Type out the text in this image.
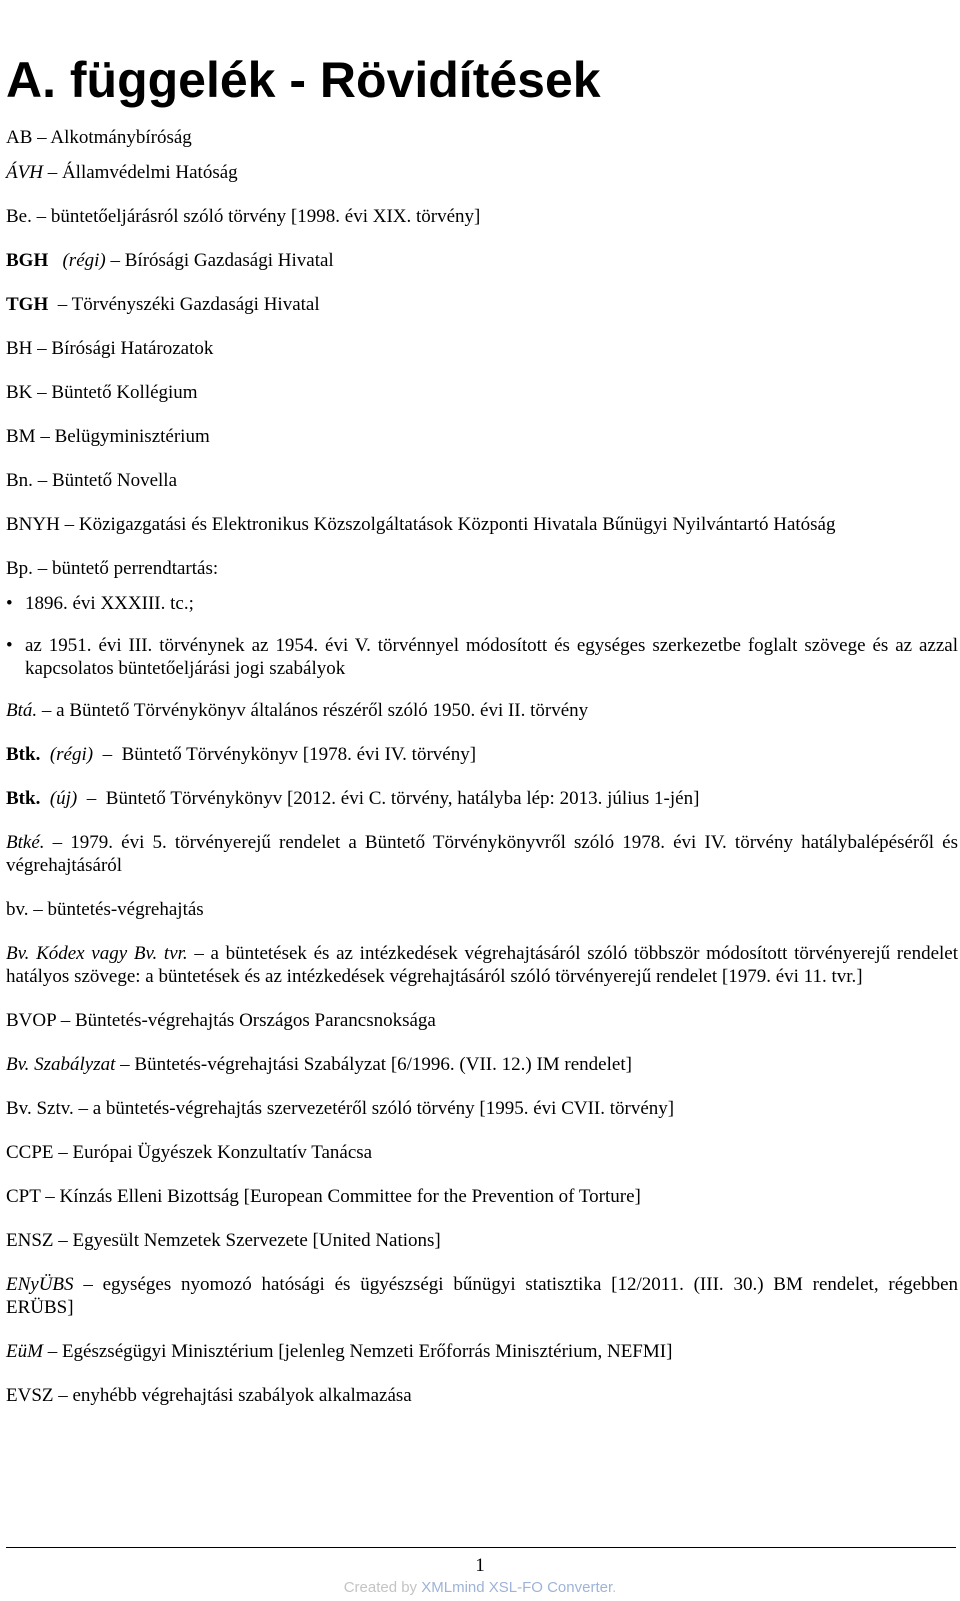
A. függelék - Rövidítések

AB – Alkotmánybíróság

ÁVH – Államvédelmi Hatóság

Be. – büntetőeljárásról szóló törvény [1998. évi XIX. törvény]

BGH (régi) – Bírósági Gazdasági Hivatal

TGH  – Törvényszéki Gazdasági Hivatal

BH – Bírósági Határozatok

BK – Büntető Kollégium

BM – Belügyminisztérium

Bn. – Büntető Novella

BNYH – Közigazgatási és Elektronikus Közszolgáltatások Központi Hivatala Bűnügyi Nyilvántartó Hatóság

Bp. – büntető perrendtartás:

• 1896. évi XXXIII. tc.;
• az 1951. évi III. törvénynek az 1954. évi V. törvénnyel módosított és egységes szerkezetbe foglalt szövege és az azzal kapcsolatos büntetőeljárási jogi szabályok

Btá. – a Büntető Törvénykönyv általános részéről szóló 1950. évi II. törvény

Btk. (régi)  –  Büntető Törvénykönyv [1978. évi IV. törvény]

Btk. (új)  –  Büntető Törvénykönyv [2012. évi C. törvény, hatályba lép: 2013. július 1-jén]

Btké. – 1979. évi 5. törvényerejű rendelet a Büntető Törvénykönyvről szóló 1978. évi IV. törvény hatálybalépéséről és végrehajtásáról

bv. – büntetés-végrehajtás

Bv. Kódex vagy Bv. tvr. – a büntetések és az intézkedések végrehajtásáról szóló többször módosított törvényerejű rendelet hatályos szövege: a büntetések és az intézkedések végrehajtásáról szóló törvényerejű rendelet [1979. évi 11. tvr.]

BVOP – Büntetés-végrehajtás Országos Parancsnoksága

Bv. Szabályzat – Büntetés-végrehajtási Szabályzat [6/1996. (VII. 12.) IM rendelet]

Bv. Sztv. – a büntetés-végrehajtás szervezetéről szóló törvény [1995. évi CVII. törvény]

CCPE – Európai Ügyészek Konzultatív Tanácsa

CPT – Kínzás Elleni Bizottság [European Committee for the Prevention of Torture]

ENSZ – Egyesült Nemzetek Szervezete [United Nations]

ENyÜBS – egységes nyomozó hatósági és ügyészségi bűnügyi statisztika [12/2011. (III. 30.) BM rendelet, régebben ERÜBS]

EüM – Egészségügyi Minisztérium [jelenleg Nemzeti Erőforrás Minisztérium, NEFMI]

EVSZ – enyhébb végrehajtási szabályok alkalmazása

1
Created by XMLmind XSL-FO Converter.
